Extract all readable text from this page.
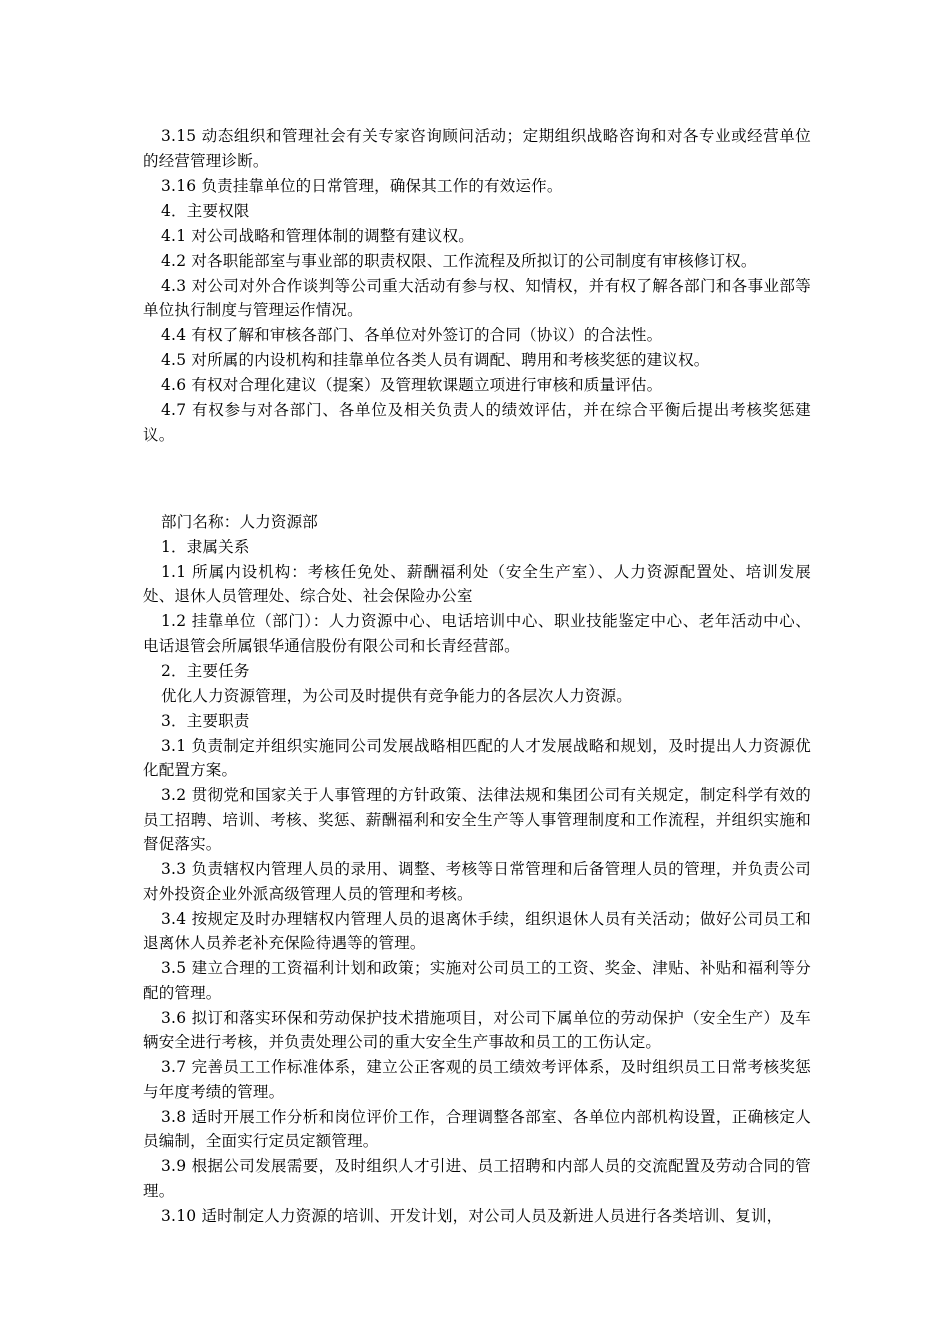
3.15 动态组织和管理社会有关专家咨询顾问活动；定期组织战略咨询和对各专业或经营单位的经营管理诊断。

3.16 负责挂靠单位的日常管理，确保其工作的有效运作。

4．主要权限

4.1 对公司战略和管理体制的调整有建议权。

4.2 对各职能部室与事业部的职责权限、工作流程及所拟订的公司制度有审核修订权。

4.3 对公司对外合作谈判等公司重大活动有参与权、知情权，并有权了解各部门和各事业部等单位执行制度与管理运作情况。

4.4 有权了解和审核各部门、各单位对外签订的合同（协议）的合法性。

4.5 对所属的内设机构和挂靠单位各类人员有调配、聘用和考核奖惩的建议权。

4.6 有权对合理化建议（提案）及管理软课题立项进行审核和质量评估。

4.7 有权参与对各部门、各单位及相关负责人的绩效评估，并在综合平衡后提出考核奖惩建议。

部门名称：人力资源部

1．隶属关系

1.1 所属内设机构：考核任免处、薪酬福利处（安全生产室）、人力资源配置处、培训发展处、退休人员管理处、综合处、社会保险办公室

1.2 挂靠单位（部门）：人力资源中心、电话培训中心、职业技能鉴定中心、老年活动中心、电话退管会所属银华通信股份有限公司和长青经营部。

2．主要任务

优化人力资源管理，为公司及时提供有竞争能力的各层次人力资源。

3．主要职责

3.1 负责制定并组织实施同公司发展战略相匹配的人才发展战略和规划，及时提出人力资源优化配置方案。

3.2 贯彻党和国家关于人事管理的方针政策、法律法规和集团公司有关规定，制定科学有效的员工招聘、培训、考核、奖惩、薪酬福利和安全生产等人事管理制度和工作流程，并组织实施和督促落实。

3.3 负责辖权内管理人员的录用、调整、考核等日常管理和后备管理人员的管理，并负责公司对外投资企业外派高级管理人员的管理和考核。

3.4 按规定及时办理辖权内管理人员的退离休手续，组织退休人员有关活动；做好公司员工和退离休人员养老补充保险待遇等的管理。

3.5 建立合理的工资福利计划和政策；实施对公司员工的工资、奖金、津贴、补贴和福利等分配的管理。

3.6 拟订和落实环保和劳动保护技术措施项目，对公司下属单位的劳动保护（安全生产）及车辆安全进行考核，并负责处理公司的重大安全生产事故和员工的工伤认定。

3.7 完善员工工作标准体系，建立公正客观的员工绩效考评体系，及时组织员工日常考核奖惩与年度考绩的管理。

3.8 适时开展工作分析和岗位评价工作，合理调整各部室、各单位内部机构设置，正确核定人员编制，全面实行定员定额管理。

3.9 根据公司发展需要，及时组织人才引进、员工招聘和内部人员的交流配置及劳动合同的管理。

3.10 适时制定人力资源的培训、开发计划，对公司人员及新进人员进行各类培训、复训，
